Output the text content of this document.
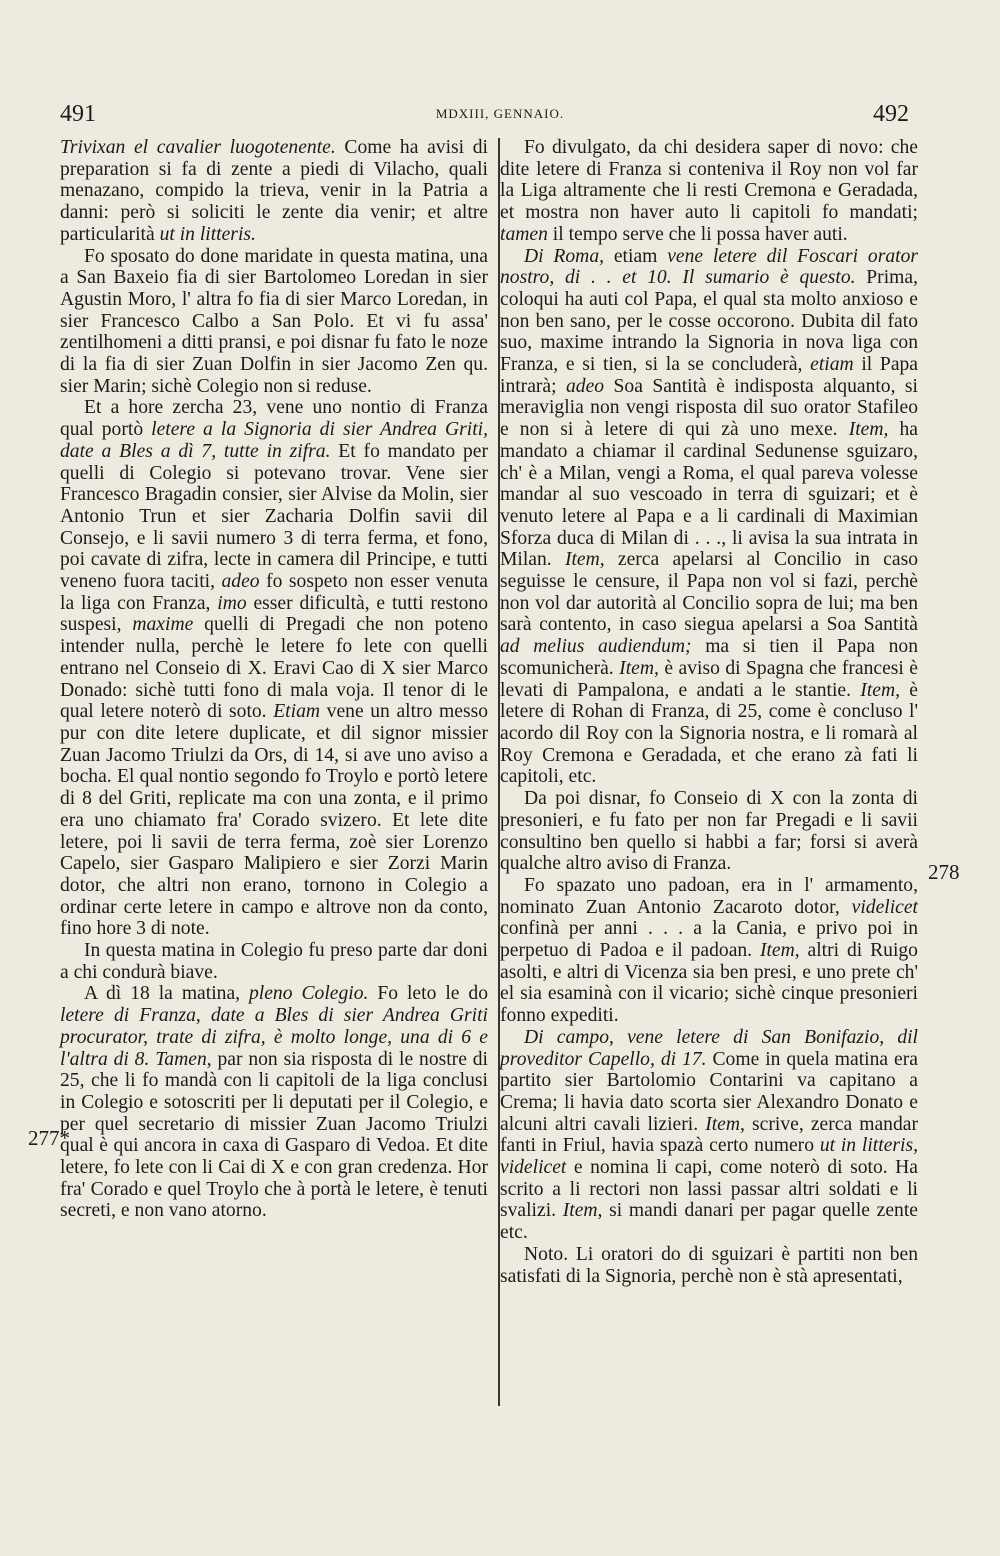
491	MDXIII, GENNAIO.	492
277*
278

Trivixan el cavalier luogotenente. Come ha avisi di preparation si fa di zente a piedi di Vilacho, quali menazano, compido la trieva, venir in la Patria a danni: però si soliciti le zente dia venir; et altre particularità ut in litteris.

Fo sposato do done maridate in questa matina, una a San Baxeio fia di sier Bartolomeo Loredan in sier Agustin Moro, l' altra fo fia di sier Marco Loredan, in sier Francesco Calbo a San Polo. Et vi fu assa' zentilhomeni a ditti pransi, e poi disnar fu fato le noze di la fia di sier Zuan Dolfin in sier Jacomo Zen qu. sier Marin; sichè Colegio non si reduse.

Et a hore zercha 23, vene uno nontio di Franza qual portò letere a la Signoria di sier Andrea Griti, date a Bles a dì 7, tutte in zifra. Et fo mandato per quelli di Colegio si potevano trovar. Vene sier Francesco Bragadin consier, sier Alvise da Molin, sier Antonio Trun et sier Zacharia Dolfin savii dil Consejo, e li savii numero 3 di terra ferma, et fono, poi cavate di zifra, lecte in camera dil Principe, e tutti veneno fuora taciti, adeo fo sospeto non esser venuta la liga con Franza, imo esser dificultà, e tutti restono suspesi, maxime quelli di Pregadi che non poteno intender nulla, perchè le letere fo lete con quelli entrano nel Conseio di X. Eravi Cao di X sier Marco Donado: sichè tutti fono di mala voja. Il tenor di le qual letere noterò di soto. Etiam vene un altro messo pur con dite letere duplicate, et dil signor missier Zuan Jacomo Triulzi da Ors, di 14, si ave uno aviso a bocha. El qual nontio segondo fo Troylo e portò letere di 8 del Griti, replicate ma con una zonta, e il primo era uno chiamato fra' Corado svizero. Et lete dite letere, poi li savii de terra ferma, zoè sier Lorenzo Capelo, sier Gasparo Malipiero e sier Zorzi Marin dotor, che altri non erano, tornono in Colegio a ordinar certe letere in campo e altrove non da conto, fino hore 3 di note.

In questa matina in Colegio fu preso parte dar doni a chi condurà biave.

A dì 18 la matina, pleno Colegio. Fo leto le do letere di Franza, date a Bles di sier Andrea Griti procurator, trate di zifra, è molto longe, una di 6 e l'altra di 8. Tamen, par non sia risposta di le nostre di 25, che li fo mandà con li capitoli de la liga conclusi in Colegio e sotoscriti per li deputati per il Colegio, e per quel secretario di missier Zuan Jacomo Triulzi qual è qui ancora in caxa di Gasparo di Vedoa. Et dite letere, fo lete con li Cai di X e con gran credenza. Hor fra' Corado e quel Troylo che à portà le letere, è tenuti secreti, e non vano atorno.

Fo divulgato, da chi desidera saper di novo: che dite letere di Franza si conteniva il Roy non vol far la Liga altramente che li resti Cremona e Geradada, et mostra non haver auto li capitoli fo mandati; tamen il tempo serve che li possa haver auti.

Di Roma, etiam vene letere dil Foscari orator nostro, di . . et 10. Il sumario è questo. Prima, coloqui ha auti col Papa, el qual sta molto anxioso e non ben sano, per le cosse occorono. Dubita dil fato suo, maxime intrando la Signoria in nova liga con Franza, e si tien, si la se concluderà, etiam il Papa intrarà; adeo Soa Santità è indisposta alquanto, si meraviglia non vengi risposta dil suo orator Stafileo e non si à letere di qui zà uno mexe. Item, ha mandato a chiamar il cardinal Sedunense sguizaro, ch' è a Milan, vengi a Roma, el qual pareva volesse mandar al suo vescoado in terra di sguizari; et è venuto letere al Papa e a li cardinali di Maximian Sforza duca di Milan di . . ., li avisa la sua intrata in Milan. Item, zerca apelarsi al Concilio in caso seguisse le censure, il Papa non vol si fazi, perchè non vol dar autorità al Concilio sopra de lui; ma ben sarà contento, in caso siegua apelarsi a Soa Santità ad melius audiendum; ma si tien il Papa non scomunicherà. Item, è aviso di Spagna che francesi è levati di Pampalona, e andati a le stantie. Item, è letere di Rohan di Franza, di 25, come è concluso l' acordo dil Roy con la Signoria nostra, e li romarà al Roy Cremona e Geradada, et che erano zà fati li capitoli, etc.

Da poi disnar, fo Conseio di X con la zonta di presonieri, e fu fato per non far Pregadi e li savii consultino ben quello si habbi a far; forsi si averà qualche altro aviso di Franza.

Fo spazato uno padoan, era in l' armamento, nominato Zuan Antonio Zacaroto dotor, videlicet confinà per anni . . . a la Cania, e privo poi in perpetuo di Padoa e il padoan. Item, altri di Ruigo asolti, e altri di Vicenza sia ben presi, e uno prete ch' el sia esaminà con il vicario; sichè cinque presonieri fonno expediti.

Di campo, vene letere di San Bonifazio, dil proveditor Capello, di 17. Come in quela matina era partito sier Bartolomio Contarini va capitano a Crema; li havia dato scorta sier Alexandro Donato e alcuni altri cavali lizieri. Item, scrive, zerca mandar fanti in Friul, havia spazà certo numero ut in litteris, videlicet e nomina li capi, come noterò di soto. Ha scrito a li rectori non lassi passar altri soldati e li svalizi. Item, si mandi danari per pagar quelle zente etc.

Noto. Li oratori do di sguizari è partiti non ben satisfati di la Signoria, perchè non è stà apresentati,
